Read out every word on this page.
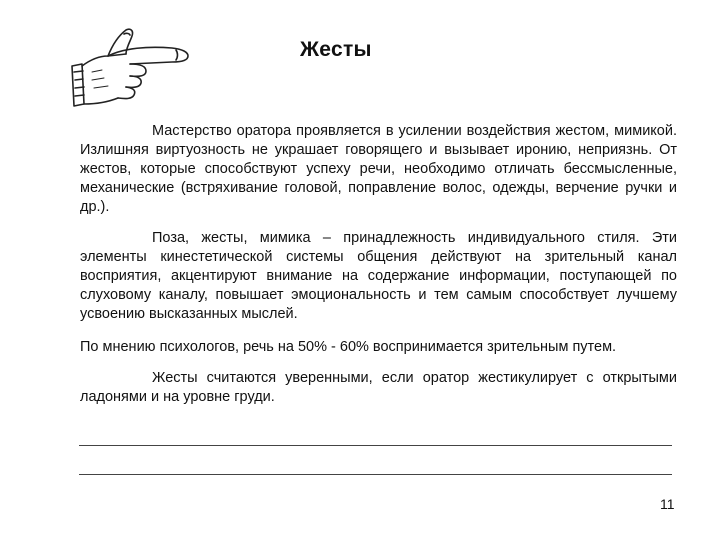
Жесты

Мастерство оратора проявляется в усилении воздействия жестом, мимикой. Излишняя виртуозность не украшает говорящего и вызывает иронию, неприязнь. От жестов, которые способствуют успеху речи, необходимо отличать бессмысленные, механические (встряхивание головой, поправление волос, одежды, верчение ручки и др.).

Поза, жесты, мимика – принадлежность индивидуального стиля. Эти элементы кинестетической системы общения действуют на зрительный канал восприятия, акцентируют внимание на содержание информации, поступающей по слуховому каналу, повышает эмоциональность и тем самым способствует лучшему усвоению высказанных мыслей.

По мнению психологов, речь на 50% - 60% воспринимается зрительным путем.

Жесты считаются уверенными, если оратор жестикулирует с открытыми ладонями и на уровне груди.

11
